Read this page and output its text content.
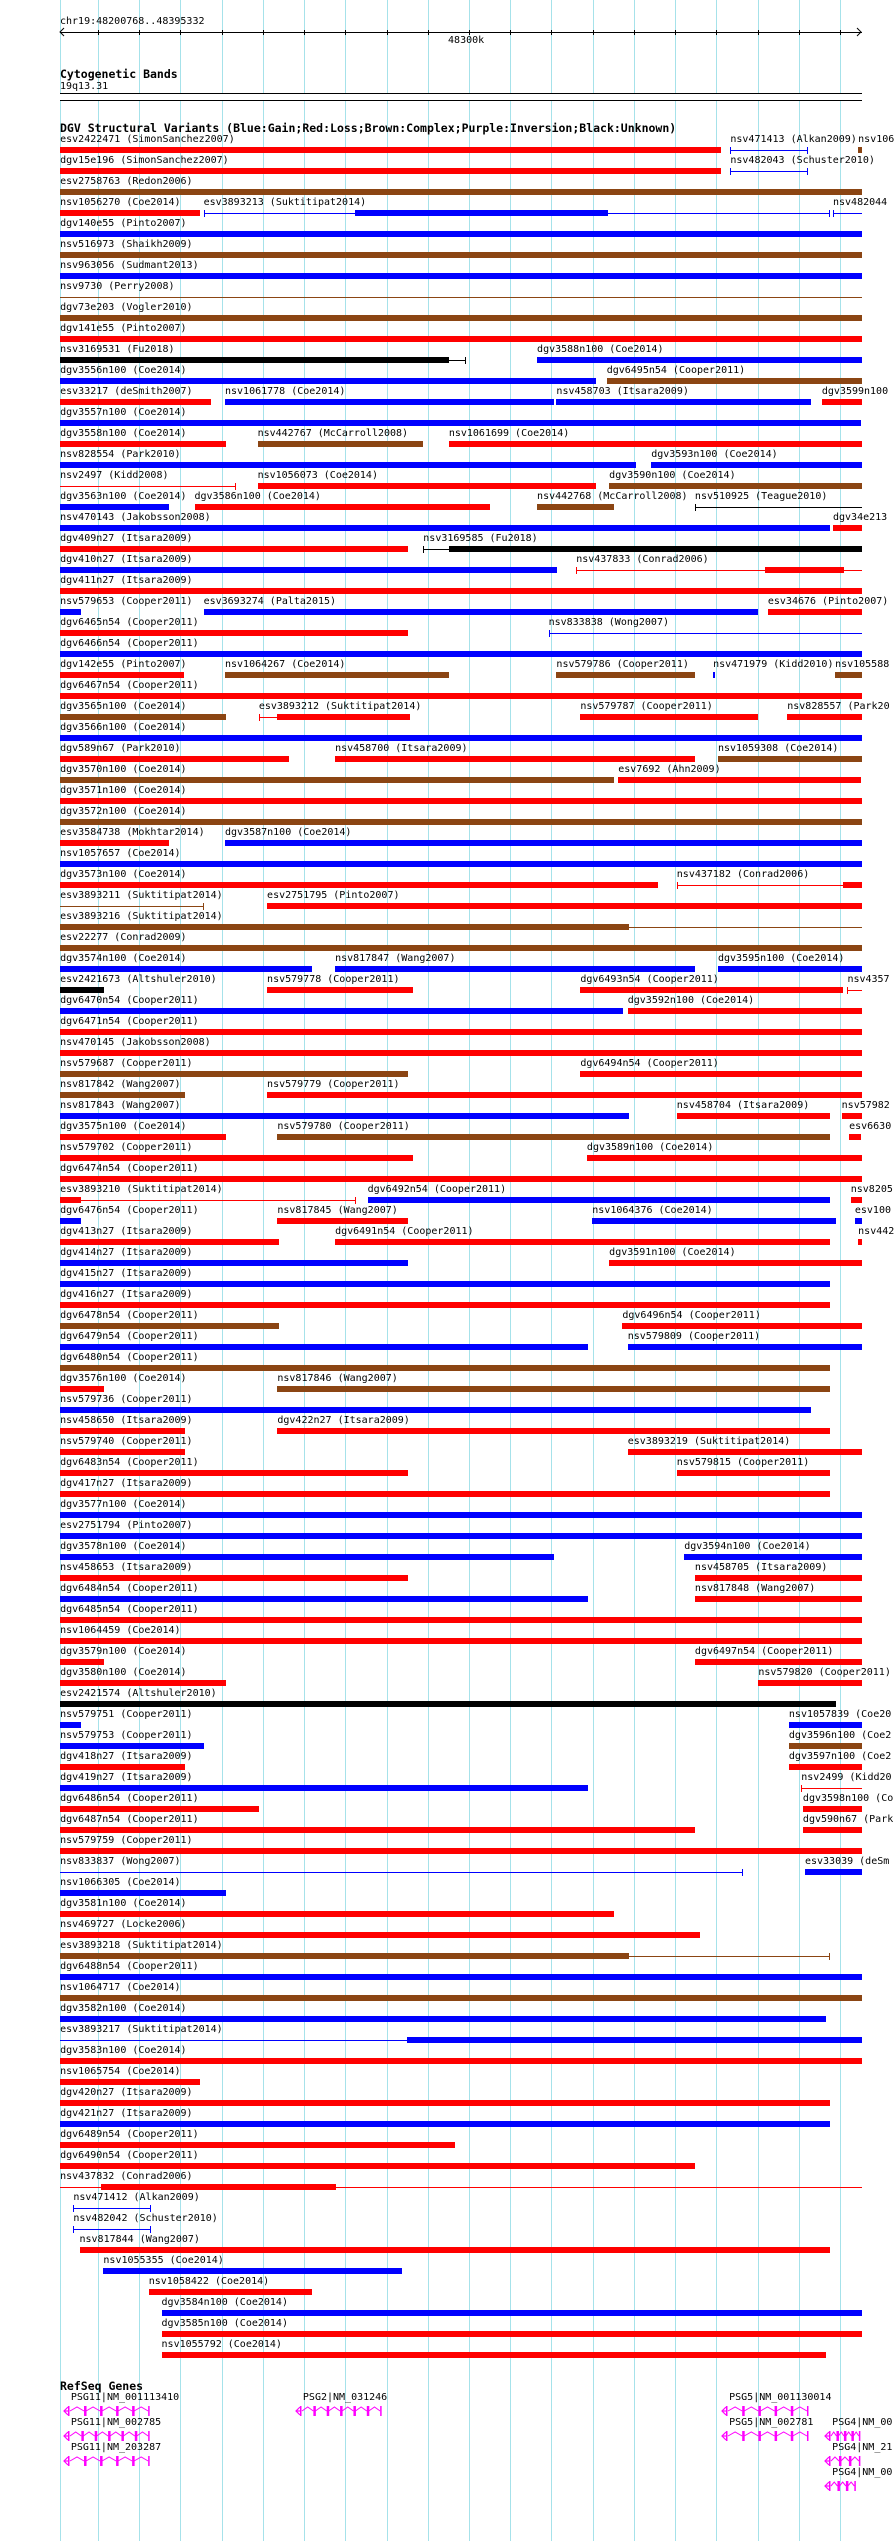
chr19:48200768..48395332
48300k
Cytogenetic Bands
19q13.31
DGV Structural Variants (Blue:Gain;Red:Loss;Brown:Complex;Purple:Inversion;Black:Unknown)
esv2422471 (SimonSanchez2007)	nsv471413 (Alkan2009) nsv106
dgv15e196 (SimonSanchez2007)	nsv482043 (Schuster2010)
esv2758763 (Redon2006)
nsv1056270 (Coe2014) esv3893213 (Suktitipat2014)	nsv482044
dgv140e55 (Pinto2007)
nsv516973 (Shaikh2009)
nsv963056 (Sudmant2013)
nsv9730 (Perry2008)
dgv73e203 (Vogler2010)
dgv141e55 (Pinto2007)
nsv3169531 (Fu2018)	dgv3588n100 (Coe2014)
dgv3556n100 (Coe2014)	dgv6495n54 (Cooper2011)
esv33217 (deSmith2007)	nsv1061778 (Coe2014)	nsv458703 (Itsara2009)	dgv3599n100
dgv3557n100 (Coe2014)
dgv3558n100 (Coe2014)	nsv442767 (McCarroll2008)	nsv1061699 (Coe2014)
nsv828554 (Park2010)	dgv3593n100 (Coe2014)
nsv2497 (Kidd2008)	nsv1056073 (Coe2014)	dgv3590n100 (Coe2014)
dgv3563n100 (Coe2014) dgv3586n100 (Coe2014)	nsv442768 (McCarroll2008) nsv510925 (Teague2010)
nsv470143 (Jakobsson2008)	dgv34e213
dgv409n27 (Itsara2009)	nsv3169585 (Fu2018)
dgv410n27 (Itsara2009)	nsv437833 (Conrad2006)
dgv411n27 (Itsara2009)
nsv579653 (Cooper2011) esv3693274 (Palta2015)	esv34676 (Pinto2007)
dgv6465n54 (Cooper2011)	nsv833838 (Wong2007)
dgv6466n54 (Cooper2011)
dgv142e55 (Pinto2007)	nsv1064267 (Coe2014)	nsv579786 (Cooper2011) nsv471979 (Kidd2010) nsv105588
dgv6467n54 (Cooper2011)
dgv3565n100 (Coe2014)	esv3893212 (Suktitipat2014)	nsv579787 (Cooper2011)	nsv828557 (Park20
dgv3566n100 (Coe2014)
dgv589n67 (Park2010)	nsv458700 (Itsara2009)	nsv1059308 (Coe2014)
dgv3570n100 (Coe2014)	esv7692 (Ahn2009)
dgv3571n100 (Coe2014)
dgv3572n100 (Coe2014)
esv3584738 (Mokhtar2014) dgv3587n100 (Coe2014)
nsv1057657 (Coe2014)
dgv3573n100 (Coe2014)	nsv437182 (Conrad2006)
esv3893211 (Suktitipat2014)	esv2751795 (Pinto2007)
esv3893216 (Suktitipat2014)
esv22277 (Conrad2009)
dgv3574n100 (Coe2014)	nsv817847 (Wang2007)	dgv3595n100 (Coe2014)
esv2421673 (Altshuler2010)	nsv579778 (Cooper2011)	dgv6493n54 (Cooper2011)	nsv4357
dgv6470n54 (Cooper2011)	dgv3592n100 (Coe2014)
dgv6471n54 (Cooper2011)
nsv470145 (Jakobsson2008)
nsv579687 (Cooper2011)	dgv6494n54 (Cooper2011)
nsv817842 (Wang2007)	nsv579779 (Cooper2011)
nsv817843 (Wang2007)	nsv458704 (Itsara2009)	nsv57982
dgv3575n100 (Coe2014)	nsv579780 (Cooper2011)	esv6630
nsv579702 (Cooper2011)	dgv3589n100 (Coe2014)
dgv6474n54 (Cooper2011)
esv3893210 (Suktitipat2014)	dgv6492n54 (Cooper2011)	nsv8205
dgv6476n54 (Cooper2011)	nsv817845 (Wang2007)	nsv1064376 (Coe2014)	esv100
dgv413n27 (Itsara2009)	dgv6491n54 (Cooper2011)	nsv442
dgv414n27 (Itsara2009)	dgv3591n100 (Coe2014)
dgv415n27 (Itsara2009)
dgv416n27 (Itsara2009)
dgv6478n54 (Cooper2011)	dgv6496n54 (Cooper2011)
dgv6479n54 (Cooper2011)	nsv579809 (Cooper2011)
dgv6480n54 (Cooper2011)
dgv3576n100 (Coe2014)	nsv817846 (Wang2007)
nsv579736 (Cooper2011)
nsv458650 (Itsara2009)	dgv422n27 (Itsara2009)
nsv579740 (Cooper2011)	esv3893219 (Suktitipat2014)
dgv6483n54 (Cooper2011)	nsv579815 (Cooper2011)
dgv417n27 (Itsara2009)
dgv3577n100 (Coe2014)
esv2751794 (Pinto2007)
dgv3578n100 (Coe2014)	dgv3594n100 (Coe2014)
nsv458653 (Itsara2009)	nsv458705 (Itsara2009)
dgv6484n54 (Cooper2011)	nsv817848 (Wang2007)
dgv6485n54 (Cooper2011)
nsv1064459 (Coe2014)
dgv3579n100 (Coe2014)	dgv6497n54 (Cooper2011)
dgv3580n100 (Coe2014)	nsv579820 (Cooper2011)
esv2421574 (Altshuler2010)
nsv579751 (Cooper2011)	nsv1057839 (Coe20
nsv579753 (Cooper2011)	dgv3596n100 (Coe2
dgv418n27 (Itsara2009)	dgv3597n100 (Coe2
dgv419n27 (Itsara2009)	nsv2499 (Kidd20
dgv6486n54 (Cooper2011)	dgv3598n100 (Co
dgv6487n54 (Cooper2011)	dgv590n67 (Park
nsv579759 (Cooper2011)
nsv833837 (Wong2007)	esv33039 (deSm
nsv1066305 (Coe2014)
dgv3581n100 (Coe2014)
nsv469727 (Locke2006)
esv3893218 (Suktitipat2014)
dgv6488n54 (Cooper2011)
nsv1064717 (Coe2014)
dgv3582n100 (Coe2014)
esv3893217 (Suktitipat2014)
dgv3583n100 (Coe2014)
nsv1065754 (Coe2014)
dgv420n27 (Itsara2009)
dgv421n27 (Itsara2009)
dgv6489n54 (Cooper2011)
dgv6490n54 (Cooper2011)
nsv437832 (Conrad2006)
nsv471412 (Alkan2009)
nsv482042 (Schuster2010)
nsv817844 (Wang2007)
nsv1055355 (Coe2014)
nsv1058422 (Coe2014)
dgv3584n100 (Coe2014)
dgv3585n100 (Coe2014)
nsv1055792 (Coe2014)
RefSeq Genes
PSG11|NM_001113410	PSG2|NM_031246	PSG5|NM_001130014
PSG11|NM_002785	PSG5|NM_002781 PSG4|NM_00
PSG11|NM_203287	PSG4|NM_21
PSG4|NM_00
